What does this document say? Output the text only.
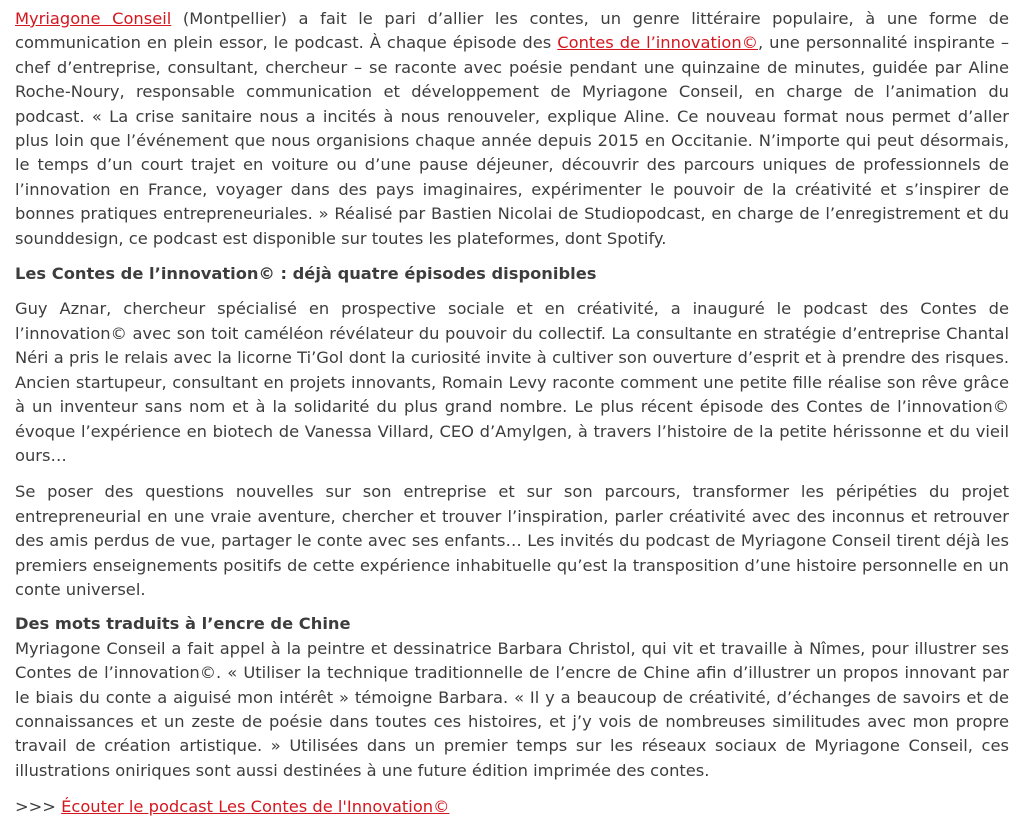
Myriagone Conseil (Montpellier) a fait le pari d’allier les contes, un genre littéraire populaire, à une forme de communication en plein essor, le podcast. À chaque épisode des Contes de l’innovation©, une personnalité inspirante – chef d’entreprise, consultant, chercheur – se raconte avec poésie pendant une quinzaine de minutes, guidée par Aline Roche-Noury, responsable communication et développement de Myriagone Conseil, en charge de l’animation du podcast. « La crise sanitaire nous a incités à nous renouveler, explique Aline. Ce nouveau format nous permet d’aller plus loin que l’événement que nous organisions chaque année depuis 2015 en Occitanie. N’importe qui peut désormais, le temps d’un court trajet en voiture ou d’une pause déjeuner, découvrir des parcours uniques de professionnels de l’innovation en France, voyager dans des pays imaginaires, expérimenter le pouvoir de la créativité et s’inspirer de bonnes pratiques entrepreneuriales. » Réalisé par Bastien Nicolai de Studiopodcast, en charge de l’enregistrement et du sounddesign, ce podcast est disponible sur toutes les plateformes, dont Spotify.

Les Contes de l’innovation© : déjà quatre épisodes disponibles

Guy Aznar, chercheur spécialisé en prospective sociale et en créativité, a inauguré le podcast des Contes de l’innovation© avec son toit caméléon révélateur du pouvoir du collectif. La consultante en stratégie d’entreprise Chantal Néri a pris le relais avec la licorne Ti’Gol dont la curiosité invite à cultiver son ouverture d’esprit et à prendre des risques. Ancien startupeur, consultant en projets innovants, Romain Levy raconte comment une petite fille réalise son rêve grâce à un inventeur sans nom et à la solidarité du plus grand nombre. Le plus récent épisode des Contes de l’innovation© évoque l’expérience en biotech de Vanessa Villard, CEO d’Amylgen, à travers l’histoire de la petite hérissonne et du vieil ours…

Se poser des questions nouvelles sur son entreprise et sur son parcours, transformer les péripéties du projet entrepreneurial en une vraie aventure, chercher et trouver l’inspiration, parler créativité avec des inconnus et retrouver des amis perdus de vue, partager le conte avec ses enfants… Les invités du podcast de Myriagone Conseil tirent déjà les premiers enseignements positifs de cette expérience inhabituelle qu’est la transposition d’une histoire personnelle en un conte universel.

Des mots traduits à l’encre de Chine

Myriagone Conseil a fait appel à la peintre et dessinatrice Barbara Christol, qui vit et travaille à Nîmes, pour illustrer ses Contes de l’innovation©. « Utiliser la technique traditionnelle de l’encre de Chine afin d’illustrer un propos innovant par le biais du conte a aiguisé mon intérêt » témoigne Barbara. « Il y a beaucoup de créativité, d’échanges de savoirs et de connaissances et un zeste de poésie dans toutes ces histoires, et j’y vois de nombreuses similitudes avec mon propre travail de création artistique. » Utilisées dans un premier temps sur les réseaux sociaux de Myriagone Conseil, ces illustrations oniriques sont aussi destinées à une future édition imprimée des contes.

>>> Écouter le podcast Les Contes de l'Innovation©
